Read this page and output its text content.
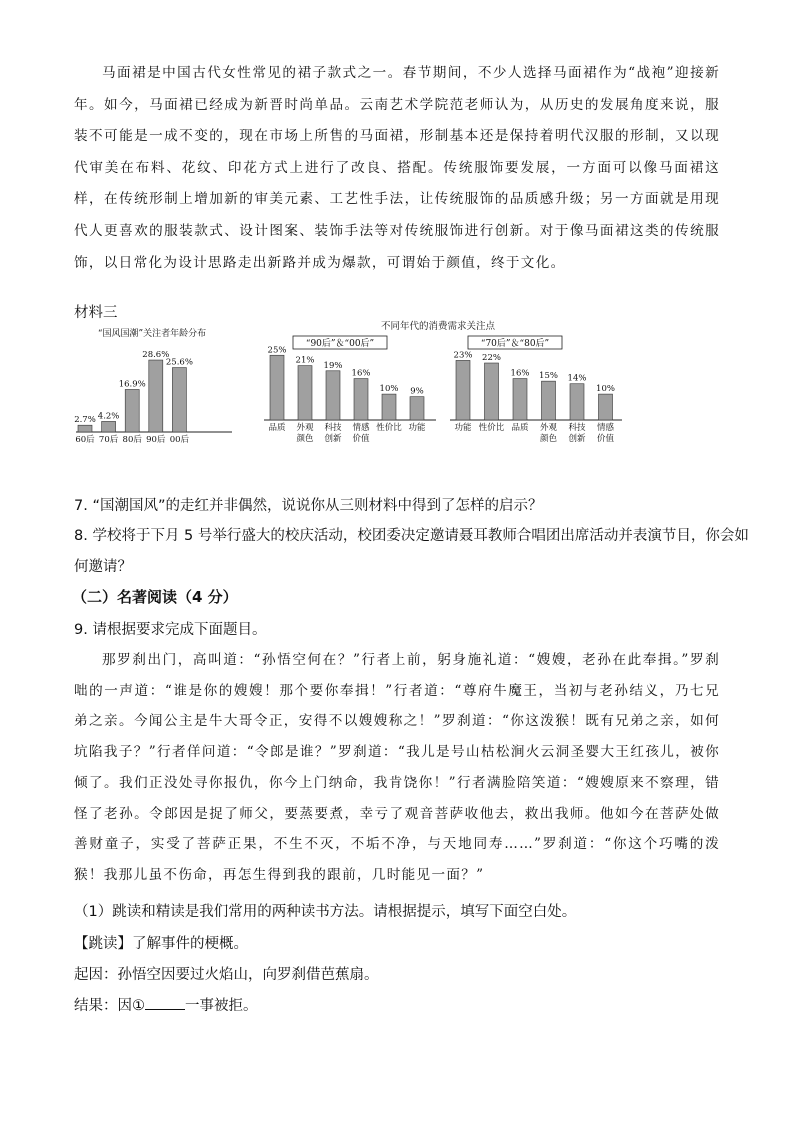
马面裙是中国古代女性常见的裙子款式之一。春节期间，不少人选择马面裙作为“战袍”迎接新年。如今，马面裙已经成为新晋时尚单品。云南艺术学院范老师认为，从历史的发展角度来说，服装不可能是一成不变的，现在市场上所售的马面裙，形制基本还是保持着明代汉服的形制，又以现代审美在布料、花纹、印花方式上进行了改良、搭配。传统服饰要发展，一方面可以像马面裙这样，在传统形制上增加新的审美元素、工艺性手法，让传统服饰的品质感升级；另一方面就是用现代人更喜欢的服装款式、设计图案、装饰手法等对传统服饰进行创新。对于像马面裙这类的传统服饰，以日常化为设计思路走出新路并成为爆款，可谓始于颜值，终于文化。
材料三
“国风国潮”关注者年龄分布
2.7%
60后
4.2%
70后
16.9%
80后
28.6%
90后
25.6%
00后
不同年代的消费需求关注点
“90后”＆“00后”
25%
品质
21%
外观
颜色
19%
科技
创新
16%
情感
价值
10%
性价比
9%
功能
“70后”＆“80后”
23%
功能
22%
性价比
16%
品质
15%
外观
颜色
14%
科技
创新
10%
情感
价值
7. “国潮国风”的走红并非偶然，说说你从三则材料中得到了怎样的启示？
8. 学校将于下月 5 号举行盛大的校庆活动，校团委决定邀请聂耳教师合唱团出席活动并表演节目，你会如
何邀请？
（二）名著阅读（4 分）
9. 请根据要求完成下面题目。
那罗刹出门，高叫道：“孙悟空何在？”行者上前，躬身施礼道：“嫂嫂，老孙在此奉揖。”罗刹咄的一声道：“谁是你的嫂嫂！那个要你奉揖！”行者道：“尊府牛魔王，当初与老孙结义，乃七兄弟之亲。今闻公主是牛大哥令正，安得不以嫂嫂称之！”罗刹道：“你这泼猴！既有兄弟之亲，如何坑陷我子？”行者佯问道：“令郎是谁？”罗刹道：“我儿是号山枯松涧火云洞圣婴大王红孩儿，被你倾了。我们正没处寻你报仇，你今上门纳命，我肯饶你！”行者满脸陪笑道：“嫂嫂原来不察理，错怪了老孙。令郎因是捉了师父，要蒸要煮，幸亏了观音菩萨收他去，救出我师。他如今在菩萨处做善财童子，实受了菩萨正果，不生不灭，不垢不净，与天地同寿……”罗刹道：“你这个巧嘴的泼猴！我那儿虽不伤命，再怎生得到我的跟前，几时能见一面？”
（1）跳读和精读是我们常用的两种读书方法。请根据提示，填写下面空白处。
【跳读】了解事件的梗概。
起因：孙悟空因要过火焰山，向罗刹借芭蕉扇。
结果：因①	一事被拒。
